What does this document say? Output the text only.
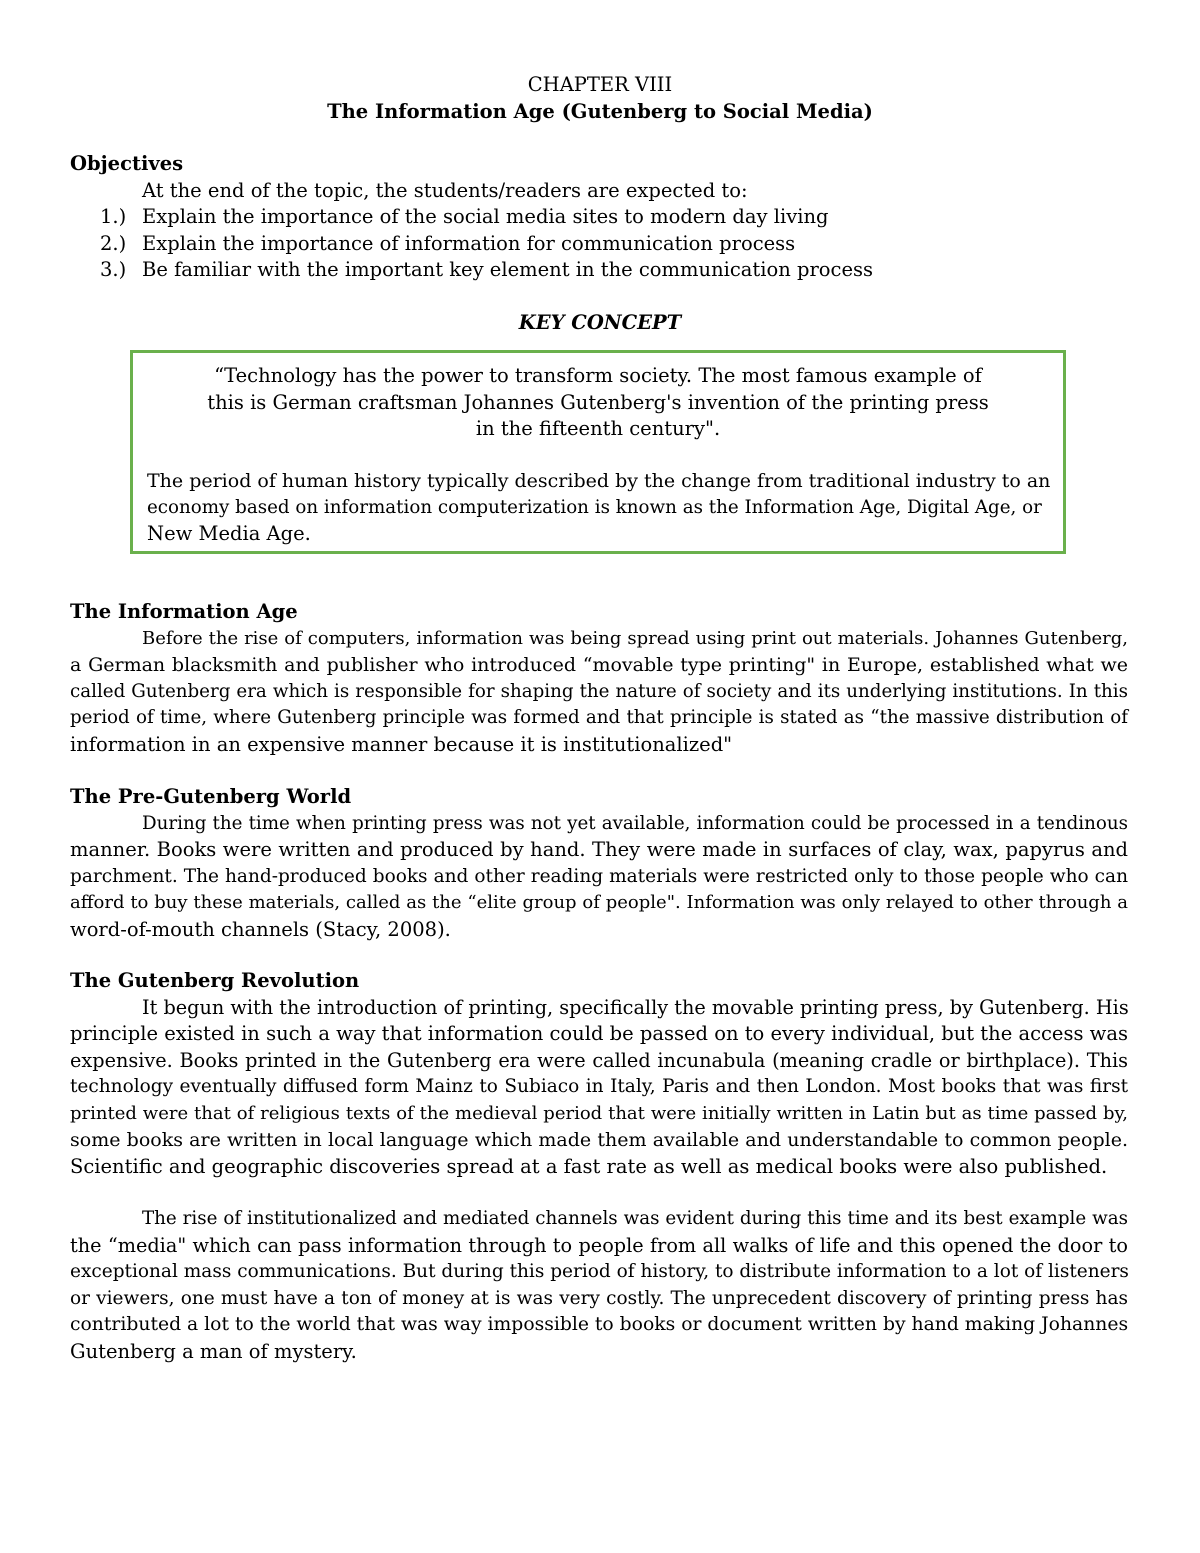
CHAPTER VIII
The Information Age (Gutenberg to Social Media)
Objectives
At the end of the topic, the students/readers are expected to:
1.) Explain the importance of the social media sites to modern day living
2.) Explain the importance of information for communication process
3.) Be familiar with the important key element in the communication process
KEY CONCEPT
“Technology has the power to transform society. The most famous example of
this is German craftsman Johannes Gutenberg's invention of the printing press
in the fifteenth century".
The period of human history typically described by the change from traditional industry to an
economy based on information computerization is known as the Information Age, Digital Age, or
New Media Age.
The Information Age

Before the rise of computers, information was being spread using print out materials. Johannes Gutenberg,
a German blacksmith and publisher who introduced “movable type printing" in Europe, established what we
called Gutenberg era which is responsible for shaping the nature of society and its underlying institutions. In this
period of time, where Gutenberg principle was formed and that principle is stated as “the massive distribution of
information in an expensive manner because it is institutionalized"

The Pre-Gutenberg World

During the time when printing press was not yet available, information could be processed in a tendinous
manner. Books were written and produced by hand. They were made in surfaces of clay, wax, papyrus and
parchment. The hand-produced books and other reading materials were restricted only to those people who can
afford to buy these materials, called as the “elite group of people". Information was only relayed to other through a
word-of-mouth channels (Stacy, 2008).

The Gutenberg Revolution

It begun with the introduction of printing, specifically the movable printing press, by Gutenberg. His
principle existed in such a way that information could be passed on to every individual, but the access was
expensive. Books printed in the Gutenberg era were called incunabula (meaning cradle or birthplace). This
technology eventually diffused form Mainz to Subiaco in Italy, Paris and then London. Most books that was first
printed were that of religious texts of the medieval period that were initially written in Latin but as time passed by,
some books are written in local language which made them available and understandable to common people.
Scientific and geographic discoveries spread at a fast rate as well as medical books were also published.

The rise of institutionalized and mediated channels was evident during this time and its best example was
the “media" which can pass information through to people from all walks of life and this opened the door to
exceptional mass communications. But during this period of history, to distribute information to a lot of listeners
or viewers, one must have a ton of money at is was very costly. The unprecedent discovery of printing press has
contributed a lot to the world that was way impossible to books or document written by hand making Johannes
Gutenberg a man of mystery.
